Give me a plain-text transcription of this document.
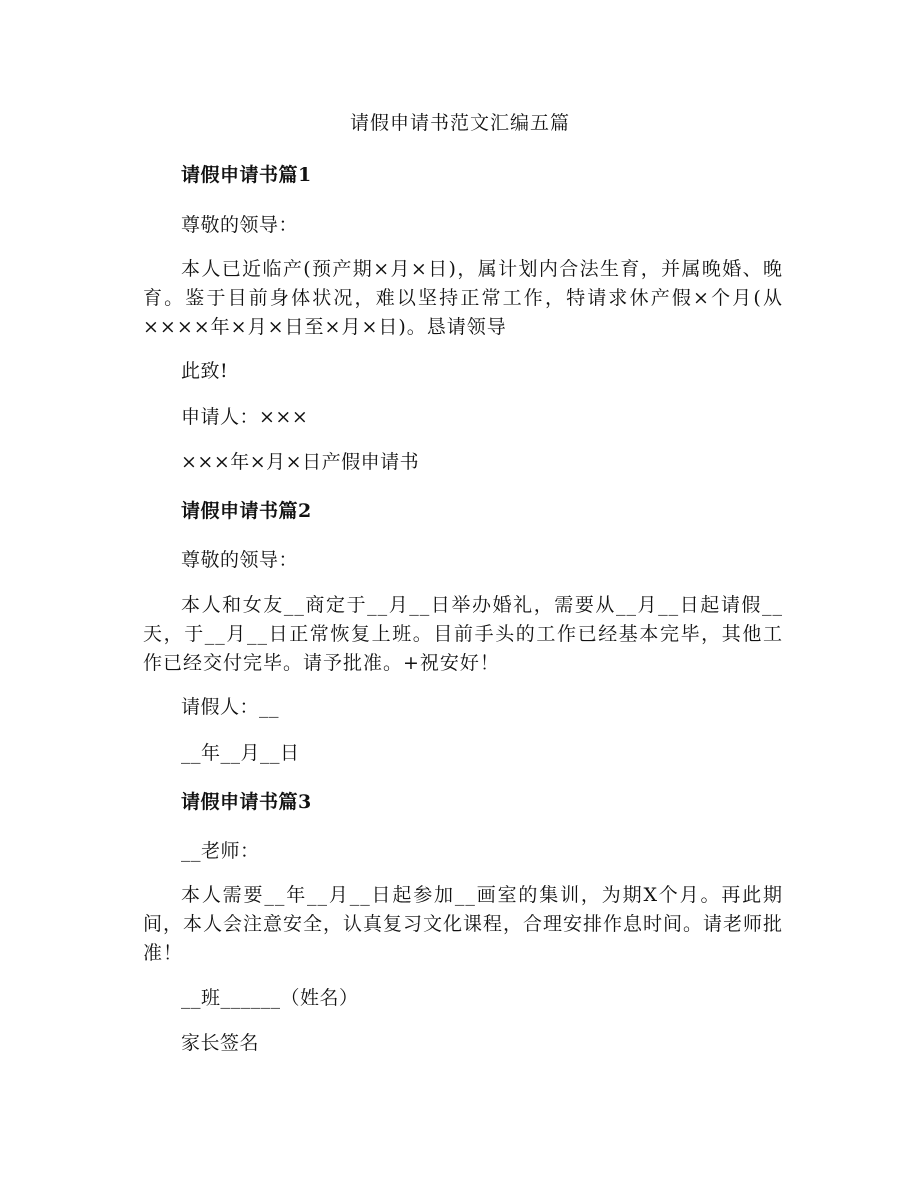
请假申请书范文汇编五篇
请假申请书篇1
尊敬的领导：
本人已近临产(预产期×月×日)，属计划内合法生育，并属晚婚、晚育。鉴于目前身体状况，难以坚持正常工作，特请求休产假×个月(从××××年×月×日至×月×日)。恳请领导
此致!
申请人：×××
×××年×月×日产假申请书
请假申请书篇2
尊敬的领导：
本人和女友__商定于__月__日举办婚礼，需要从__月__日起请假__天，于__月__日正常恢复上班。目前手头的工作已经基本完毕，其他工作已经交付完毕。请予批准。+祝安好！
请假人：__
__年__月__日
请假申请书篇3
__老师：
本人需要__年__月__日起参加__画室的集训，为期X个月。再此期间，本人会注意安全，认真复习文化课程，合理安排作息时间。请老师批准！
__班______（姓名）
家长签名
